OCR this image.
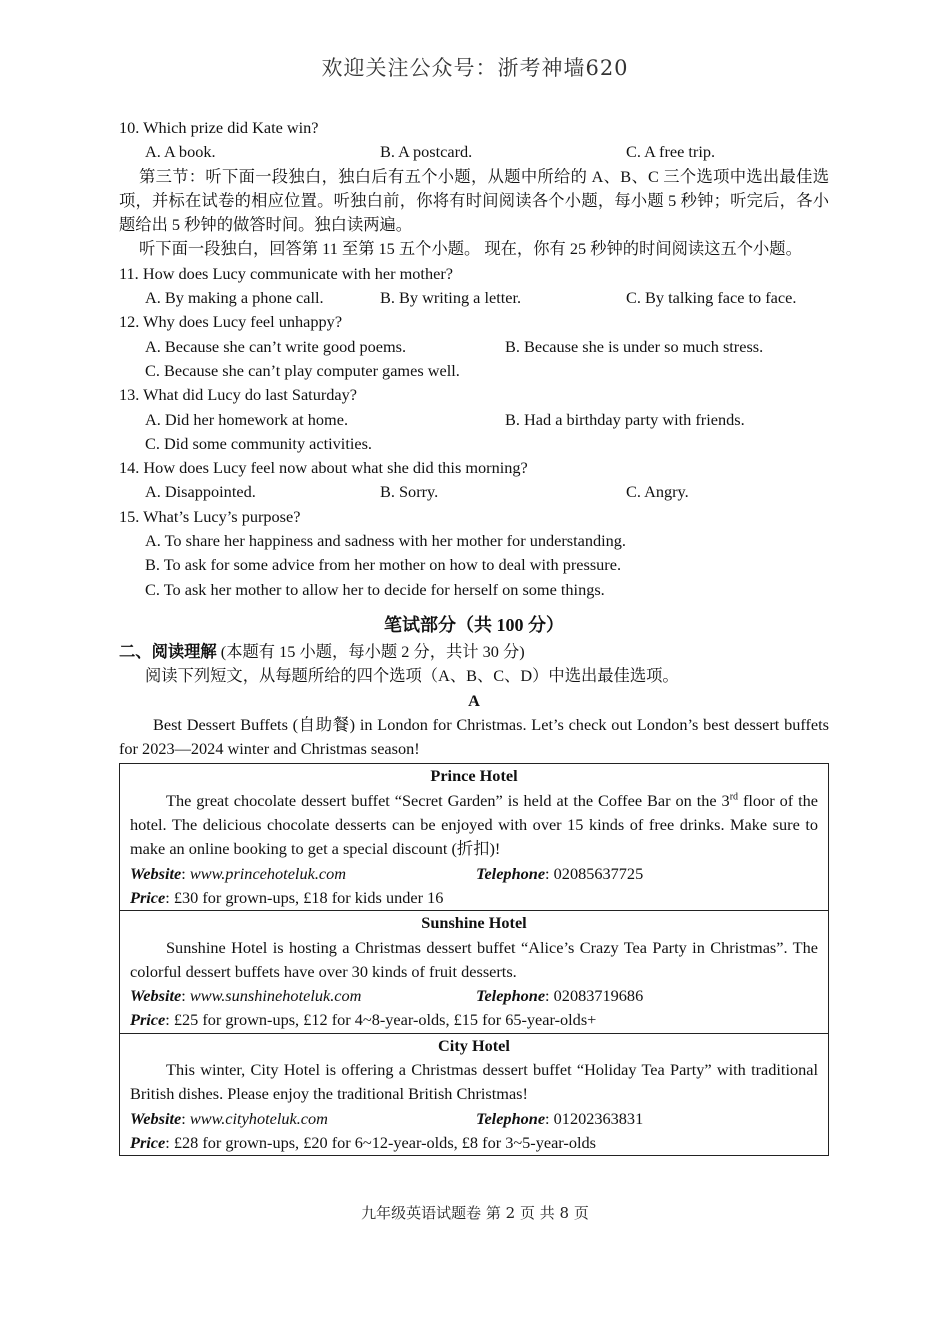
欢迎关注公众号：浙考神墙620
10. Which prize did Kate win?
A. A book.	B. A postcard.	C. A free trip.
第三节：听下面一段独白，独白后有五个小题，从题中所给的 A、B、C 三个选项中选出最佳选项，并标在试卷的相应位置。听独白前，你将有时间阅读各个小题，每小题 5 秒钟；听完后，各小题给出 5 秒钟的做答时间。独白读两遍。
听下面一段独白，回答第 11 至第 15 五个小题。 现在，你有 25 秒钟的时间阅读这五个小题。
11. How does Lucy communicate with her mother?
A. By making a phone call.	B. By writing a letter.	C. By talking face to face.
12. Why does Lucy feel unhappy?
A. Because she can’t write good poems.	B. Because she is under so much stress.
C. Because she can’t play computer games well.
13. What did Lucy do last Saturday?
A. Did her homework at home.	B. Had a birthday party with friends.
C. Did some community activities.
14. How does Lucy feel now about what she did this morning?
A. Disappointed.	B. Sorry.	C. Angry.
15. What’s Lucy’s purpose?
A. To share her happiness and sadness with her mother for understanding.
B. To ask for some advice from her mother on how to deal with pressure.
C. To ask her mother to allow her to decide for herself on some things.
笔试部分（共 100 分）
二、阅读理解 (本题有 15 小题，每小题 2 分，共计 30 分)
阅读下列短文，从每题所给的四个选项（A、B、C、D）中选出最佳选项。
A
Best Dessert Buffets (自助餐) in London for Christmas. Let’s check out London’s best dessert buffets for 2023—2024 winter and Christmas season!
Prince Hotel
The great chocolate dessert buffet “Secret Garden” is held at the Coffee Bar on the 3rd floor of the hotel. The delicious chocolate desserts can be enjoyed with over 15 kinds of free drinks. Make sure to make an online booking to get a special discount (折扣)!
Website: www.princehoteluk.com	Telephone: 02085637725
Price: £30 for grown-ups, £18 for kids under 16
Sunshine Hotel
Sunshine Hotel is hosting a Christmas dessert buffet “Alice’s Crazy Tea Party in Christmas”. The colorful dessert buffets have over 30 kinds of fruit desserts.
Website: www.sunshinehoteluk.com	Telephone: 02083719686
Price: £25 for grown-ups, £12 for 4~8-year-olds, £15 for 65-year-olds+
City Hotel
This winter, City Hotel is offering a Christmas dessert buffet “Holiday Tea Party” with traditional British dishes. Please enjoy the traditional British Christmas!
Website: www.cityhoteluk.com	Telephone: 01202363831
Price: £28 for grown-ups, £20 for 6~12-year-olds, £8 for 3~5-year-olds
九年级英语试题卷 第 2 页 共 8 页
